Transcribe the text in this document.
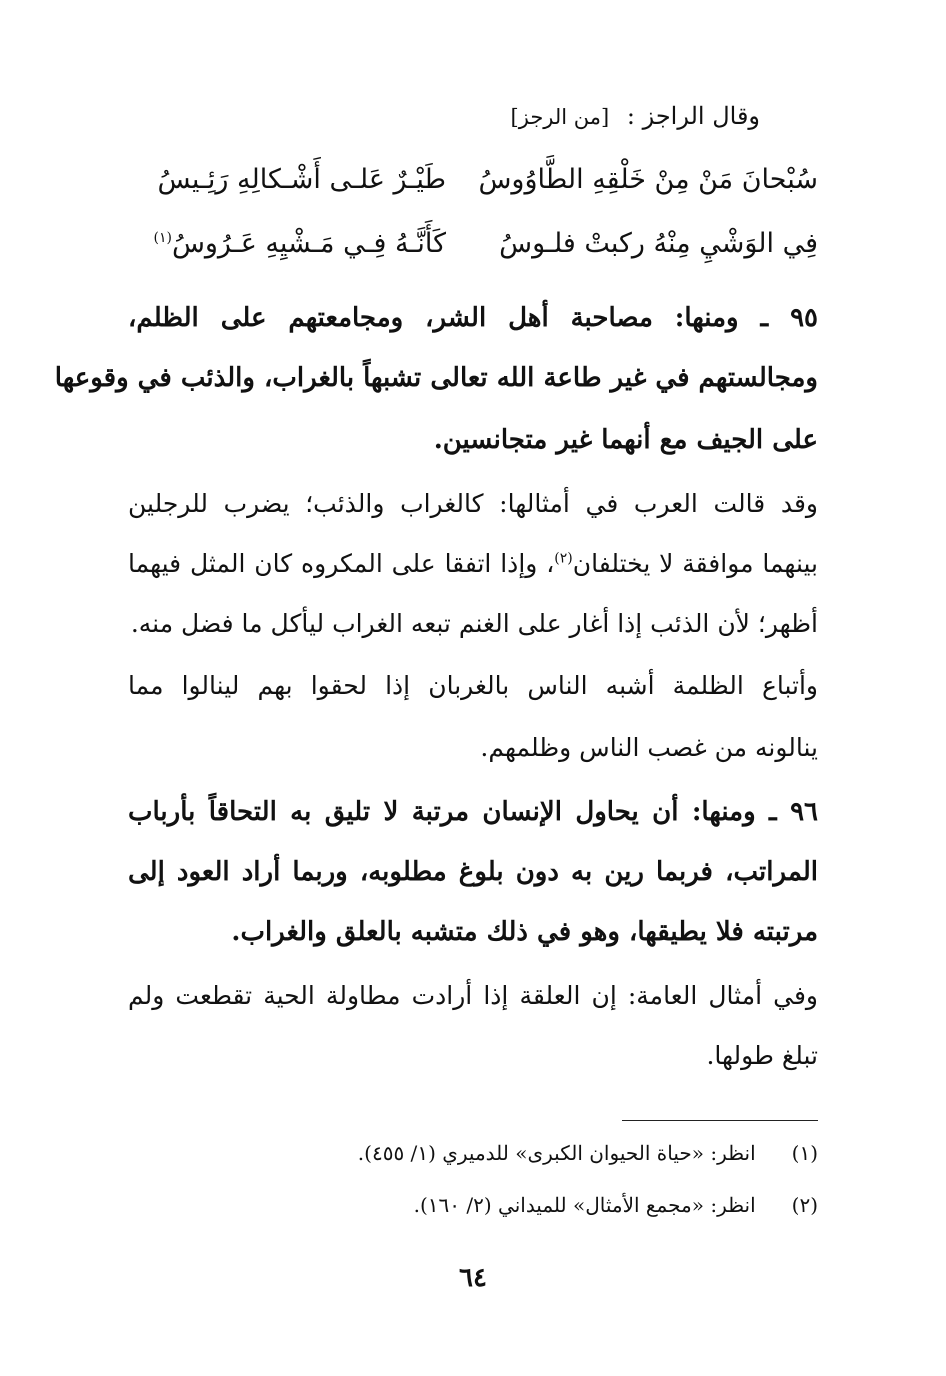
وقال الراجز : [من الرجز]
سُبْحانَ مَنْ مِنْ خَلْقِهِ الطَّاوُوسُ
طَيْـرٌ عَلـى أَشْـكالِهِ رَئِـيسُ
فِي الوَشْيِ مِنْهُ ركبتْ فلـوسُ
كَأَنَّـهُ فِـي مَـشْيِهِ عَـرُوسُ$^{(١)}$
٩٥ ـ ومنها: مصاحبة أهل الشر، ومجامعتهم على الظلم،
ومجالستهم في غير طاعة الله تعالى تشبهاً بالغراب، والذئب في وقوعها
على الجيف مع أنهما غير متجانسين.
وقد قالت العرب في أمثالها: كالغراب والذئب؛ يضرب للرجلين
بينهما موافقة لا يختلفان$^{(٢)}$، وإذا اتفقا على المكروه كان المثل فيهما
أظهر؛ لأن الذئب إذا أغار على الغنم تبعه الغراب ليأكل ما فضل منه.
وأتباع الظلمة أشبه الناس بالغربان إذا لحقوا بهم لينالوا مما
ينالونه من غصب الناس وظلمهم.
٩٦ ـ ومنها: أن يحاول الإنسان مرتبة لا تليق به التحاقاً بأرباب
المراتب، فربما رين به دون بلوغ مطلوبه، وربما أراد العود إلى
مرتبته فلا يطيقها، وهو في ذلك متشبه بالعلق والغراب.
وفي أمثال العامة: إن العلقة إذا أرادت مطاولة الحية تقطعت ولم
تبلغ طولها.
(١) انظر: «حياة الحيوان الكبرى» للدميري (١/ ٤٥٥).
(٢) انظر: «مجمع الأمثال» للميداني (٢/ ١٦٠).
٦٤
